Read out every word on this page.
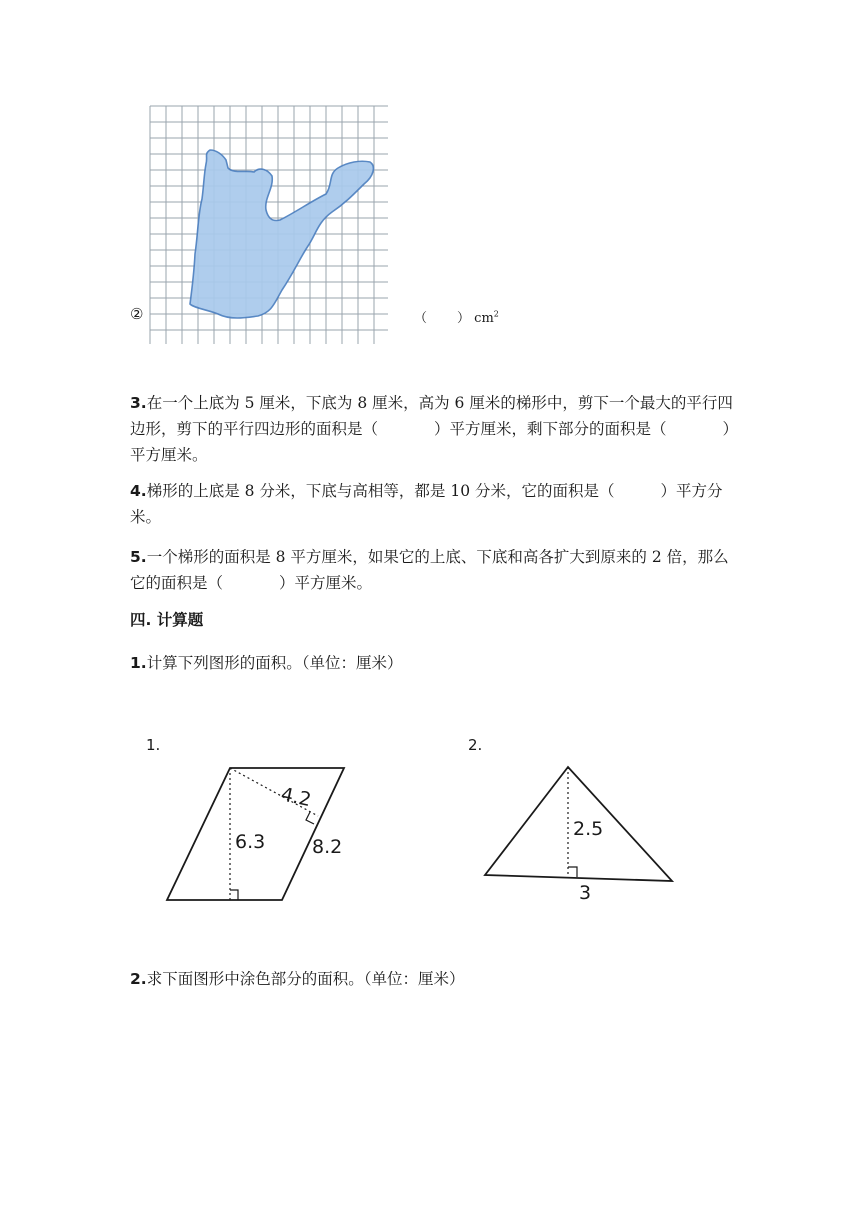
②	（ ） $cm^2$
3.在一个上底为 5 厘米，下底为 8 厘米，高为 6 厘米的梯形中，剪下一个最大的平行四边形，剪下的平行四边形的面积是（	）平方厘米，剩下部分的面积是（	）平方厘米。
4.梯形的上底是 8 分米，下底与高相等，都是 10 分米，它的面积是（	）平方分米。
5.一个梯形的面积是 8 平方厘米，如果它的上底、下底和高各扩大到原来的 2 倍，那么它的面积是（	）平方厘米。
四. 计算题
1.计算下列图形的面积。（单位：厘米）
1.
4.2
6.3 8.2
2.
2.5
3
2.求下面图形中涂色部分的面积。（单位：厘米）
